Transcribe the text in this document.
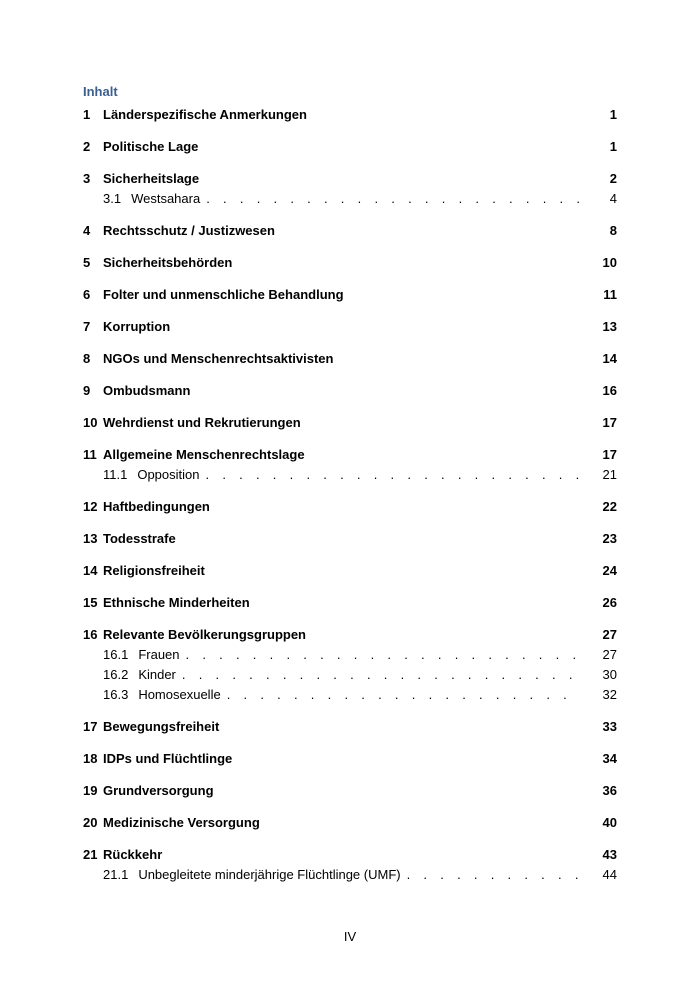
Inhalt
1 Länderspezifische Anmerkungen	1
2 Politische Lage	1
3 Sicherheitslage	2
3.1 Westsahara . . .	4
4 Rechtsschutz / Justizwesen	8
5 Sicherheitsbehörden	10
6 Folter und unmenschliche Behandlung	11
7 Korruption	13
8 NGOs und Menschenrechtsaktivisten	14
9 Ombudsmann	16
10 Wehrdienst und Rekrutierungen	17
11 Allgemeine Menschenrechtslage	17
11.1 Opposition . . .	21
12 Haftbedingungen	22
13 Todesstrafe	23
14 Religionsfreiheit	24
15 Ethnische Minderheiten	26
16 Relevante Bevölkerungsgruppen	27
16.1 Frauen . . .	27
16.2 Kinder . . .	30
16.3 Homosexuelle . . .	32
17 Bewegungsfreiheit	33
18 IDPs und Flüchtlinge	34
19 Grundversorgung	36
20 Medizinische Versorgung	40
21 Rückkehr	43
21.1 Unbegleitete minderjährige Flüchtlinge (UMF) . . .	44
IV
